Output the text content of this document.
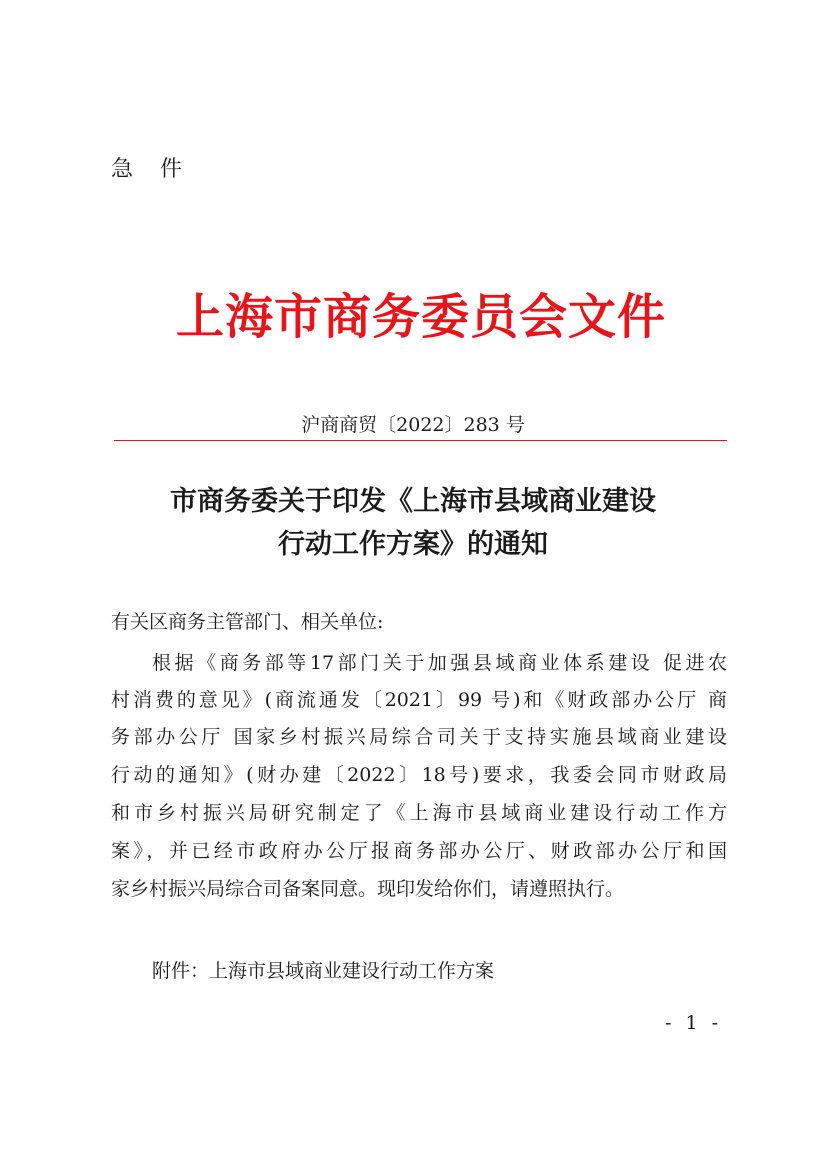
急 件
上海市商务委员会文件
沪商商贸〔2022〕283 号
市商务委关于印发《上海市县域商业建设
行动工作方案》的通知
有关区商务主管部门、相关单位:
根据《商务部等17部门关于加强县域商业体系建设 促进农
村消费的意见》(商流通发〔2021〕99 号)和《财政部办公厅 商
务部办公厅 国家乡村振兴局综合司关于支持实施县域商业建设
行动的通知》(财办建〔2022〕18号)要求，我委会同市财政局
和市乡村振兴局研究制定了《上海市县域商业建设行动工作方
案》，并已经市政府办公厅报商务部办公厅、财政部办公厅和国
家乡村振兴局综合司备案同意。现印发给你们，请遵照执行。
附件：上海市县域商业建设行动工作方案
- 1 -
